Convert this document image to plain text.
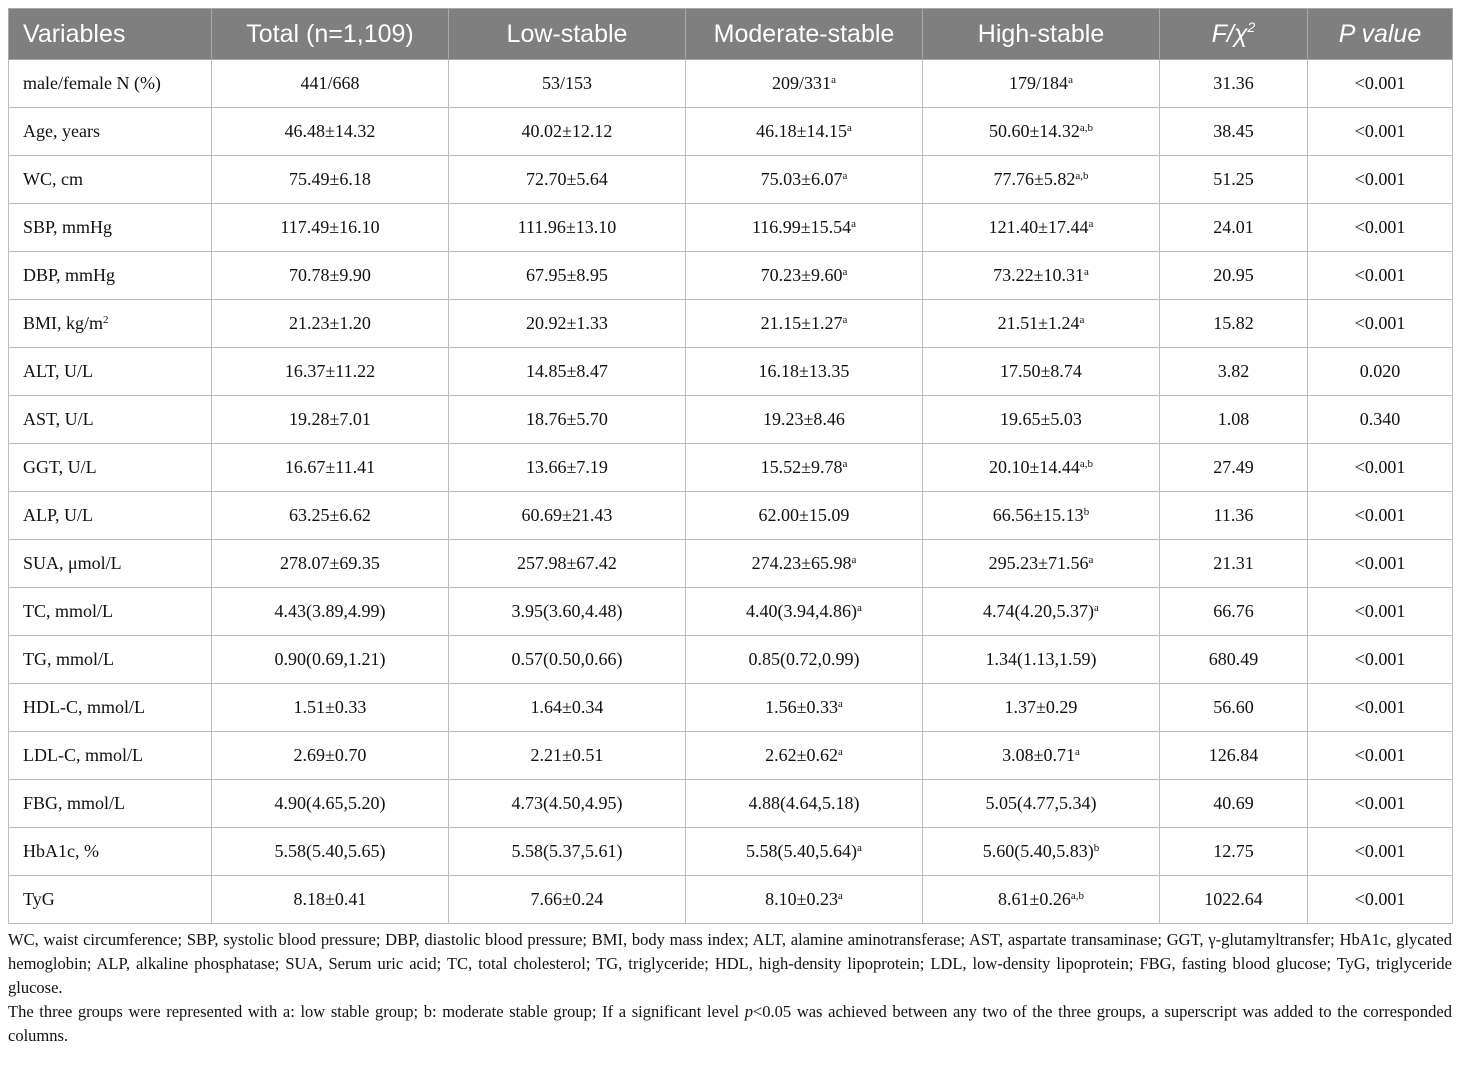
Variables	Total (n=1,109)	Low-stable	Moderate-stable	High-stable	$F/\chi^2$	P value
male/female N (%)	441/668	53/153	209/331$^a$	179/184$^a$	31.36	<0.001
Age, years	46.48±14.32	40.02±12.12	46.18±14.15$^a$	$50.60\pm 14.32^{a,b}$	38.45	<0.001
WC, cm	75.49±6.18	72.70±5.64	75.03±6.07$^a$	$77.76\pm 5.82^{a,b}$	51.25	<0.001
SBP, mmHg	117.49±16.10	111.96±13.10	116.99±15.54$^a$	121.40±17.44$^a$	24.01	<0.001
DBP, mmHg	70.78±9.90	67.95±8.95	70.23±9.60$^a$	73.22±10.31$^a$	20.95	<0.001
BMI, $kg/m^2$	21.23±1.20	20.92±1.33	21.15±1.27$^a$	21.51±1.24$^a$	15.82	<0.001
ALT, U/L	16.37±11.22	14.85±8.47	16.18±13.35	17.50±8.74	3.82	0.020
AST, U/L	19.28±7.01	18.76±5.70	19.23±8.46	19.65±5.03	1.08	0.340
GGT, U/L	16.67±11.41	13.66±7.19	15.52±9.78$^a$	$20.10\pm 14.44^{a,b}$	27.49	<0.001
ALP, U/L	63.25±6.62	60.69±21.43	62.00±15.09	66.56±15.13$^b$	11.36	<0.001
SUA, μmol/L	278.07±69.35	257.98±67.42	274.23±65.98$^a$	295.23±71.56$^a$	21.31	<0.001
TC, mmol/L	4.43(3.89,4.99)	3.95(3.60,4.48)	$4.40(3.94,4.86)^a$	$4.74(4.20,5.37)^a$	66.76	<0.001
TG, mmol/L	0.90(0.69,1.21)	0.57(0.50,0.66)	0.85(0.72,0.99)	1.34(1.13,1.59)	680.49	<0.001
HDL-C, mmol/L	1.51±0.33	1.64±0.34	1.56±0.33$^a$	1.37±0.29	56.60	<0.001
LDL-C, mmol/L	2.69±0.70	2.21±0.51	2.62±0.62$^a$	3.08±0.71$^a$	126.84	<0.001
FBG, mmol/L	4.90(4.65,5.20)	4.73(4.50,4.95)	4.88(4.64,5.18)	5.05(4.77,5.34)	40.69	<0.001
HbA1c, %	5.58(5.40,5.65)	5.58(5.37,5.61)	$5.58(5.40,5.64)^a$	$5.60(5.40,5.83)^b$	12.75	<0.001
TyG	8.18±0.41	7.66±0.24	8.10±0.23$^a$	$8.61\pm 0.26^{a,b}$	1022.64	<0.001

WC, waist circumference; SBP, systolic blood pressure; DBP, diastolic blood pressure; BMI, body mass index; ALT, alamine aminotransferase; AST, aspartate transaminase; GGT, γ-glutamyltransfer; HbA1c, glycated hemoglobin; ALP, alkaline phosphatase; SUA, Serum uric acid; TC, total cholesterol; TG, triglyceride; HDL, high-density lipoprotein; LDL, low-density lipoprotein; FBG, fasting blood glucose; TyG, triglyceride glucose.

The three groups were represented with a: low stable group; b: moderate stable group; If a significant level p<0.05 was achieved between any two of the three groups, a superscript was added to the corresponded columns.
